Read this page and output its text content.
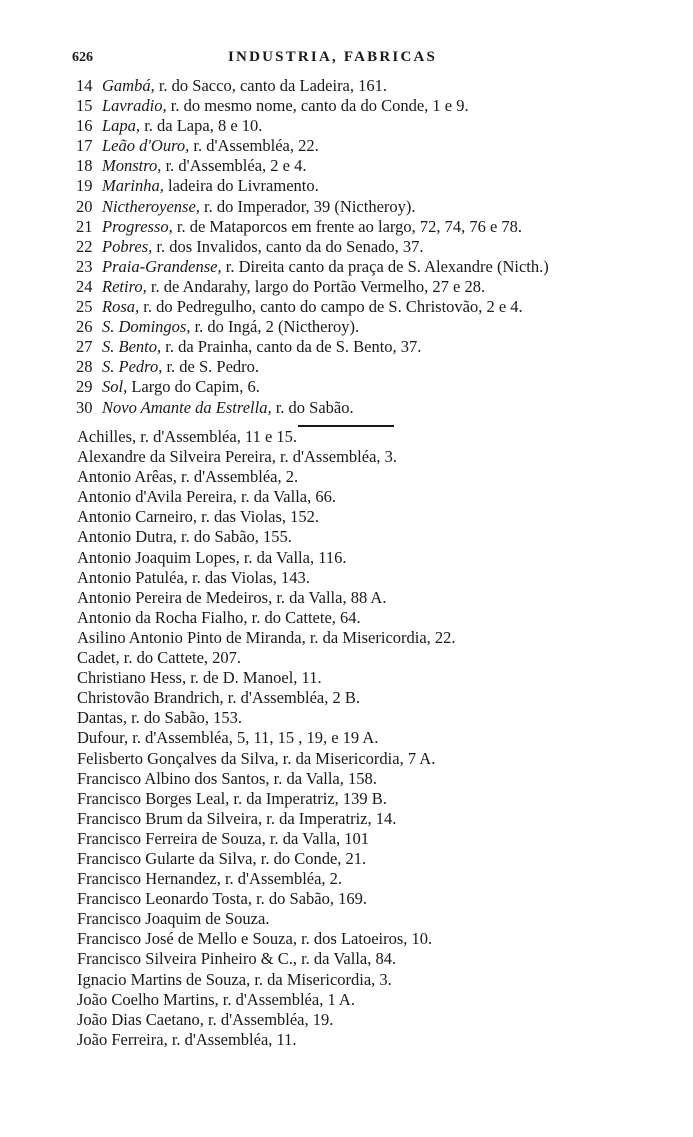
626	INDUSTRIA, FABRICAS
14 Gambá, r. do Sacco, canto da Ladeira, 161.
15 Lavradio, r. do mesmo nome, canto da do Conde, 1 e 9.
16 Lapa, r. da Lapa, 8 e 10.
17 Leão d'Ouro, r. d'Assembléa, 22.
18 Monstro, r. d'Assembléa, 2 e 4.
19 Marinha, ladeira do Livramento.
20 Nictheroyense, r. do Imperador, 39 (Nictheroy).
21 Progresso, r. de Mataporcos em frente ao largo, 72, 74, 76 e 78.
22 Pobres, r. dos Invalidos, canto da do Senado, 37.
23 Praia-Grandense, r. Direita canto da praça de S. Alexandre (Nicth.)
24 Retiro, r. de Andarahy, largo do Portão Vermelho, 27 e 28.
25 Rosa, r. do Pedregulho, canto do campo de S. Christovão, 2 e 4.
26 S. Domingos, r. do Ingá, 2 (Nictheroy).
27 S. Bento, r. da Prainha, canto da de S. Bento, 37.
28 S. Pedro, r. de S. Pedro.
29 Sol, Largo do Capim, 6.
30 Novo Amante da Estrella, r. do Sabão.
Achilles, r. d'Assembléa, 11 e 15.
Alexandre da Silveira Pereira, r. d'Assembléa, 3.
Antonio Arêas, r. d'Assembléa, 2.
Antonio d'Avila Pereira, r. da Valla, 66.
Antonio Carneiro, r. das Violas, 152.
Antonio Dutra, r. do Sabão, 155.
Antonio Joaquim Lopes, r. da Valla, 116.
Antonio Patuléa, r. das Violas, 143.
Antonio Pereira de Medeiros, r. da Valla, 88 A.
Antonio da Rocha Fialho, r. do Cattete, 64.
Asilino Antonio Pinto de Miranda, r. da Misericordia, 22.
Cadet, r. do Cattete, 207.
Christiano Hess, r. de D. Manoel, 11.
Christovão Brandrich, r. d'Assembléa, 2 B.
Dantas, r. do Sabão, 153.
Dufour, r. d'Assembléa, 5, 11, 15 , 19, e 19 A.
Felisberto Gonçalves da Silva, r. da Misericordia, 7 A.
Francisco Albino dos Santos, r. da Valla, 158.
Francisco Borges Leal, r. da Imperatriz, 139 B.
Francisco Brum da Silveira, r. da Imperatriz, 14.
Francisco Ferreira de Souza, r. da Valla, 101
Francisco Gularte da Silva, r. do Conde, 21.
Francisco Hernandez, r. d'Assembléa, 2.
Francisco Leonardo Tosta, r. do Sabão, 169.
Francisco Joaquim de Souza.
Francisco José de Mello e Souza, r. dos Latoeiros, 10.
Francisco Silveira Pinheiro & C., r. da Valla, 84.
Ignacio Martins de Souza, r. da Misericordia, 3.
João Coelho Martins, r. d'Assembléa, 1 A.
João Dias Caetano, r. d'Assembléa, 19.
João Ferreira, r. d'Assembléa, 11.
